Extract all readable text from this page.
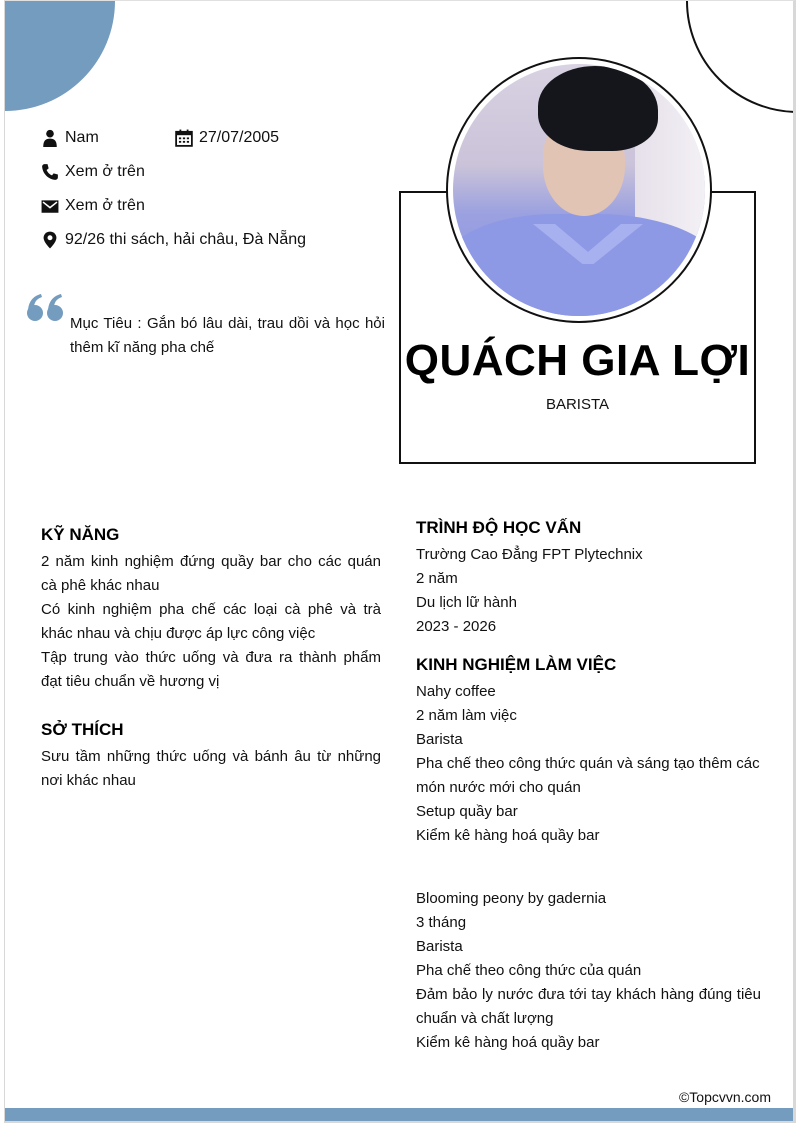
Nam	27/07/2005
Xem ở trên
Xem ở trên
92/26 thi sách, hải châu, Đà Nẵng
Mục Tiêu : Gắn bó lâu dài, trau dồi và học hỏi thêm kĩ năng pha chế	QUÁCH GIA LỢI
BARISTA
KỸ NĂNG
2 năm kinh nghiệm đứng quầy bar cho các quán cà phê khác nhau
Có kinh nghiệm pha chế các loại cà phê và trà khác nhau và chịu được áp lực công việc
Tập trung vào thức uống và đưa ra thành phẩm đạt tiêu chuẩn về hương vị
SỞ THÍCH
Sưu tầm những thức uống và bánh âu từ những nơi khác nhau
TRÌNH ĐỘ HỌC VẤN
Trường Cao Đẳng FPT Plytechnix
2 năm
Du lịch lữ hành
2023 - 2026
KINH NGHIỆM LÀM VIỆC
Nahy coffee
2 năm làm việc
Barista
Pha chế theo công thức quán và sáng tạo thêm các món nước mới cho quán
Setup quầy bar
Kiểm kê hàng hoá quầy bar
Blooming peony by gadernia
3 tháng
Barista
Pha chế theo công thức của quán
Đảm bảo ly nước đưa tới tay khách hàng đúng tiêu chuẩn và chất lượng
Kiểm kê hàng hoá quầy bar
©Topcvvn.com
